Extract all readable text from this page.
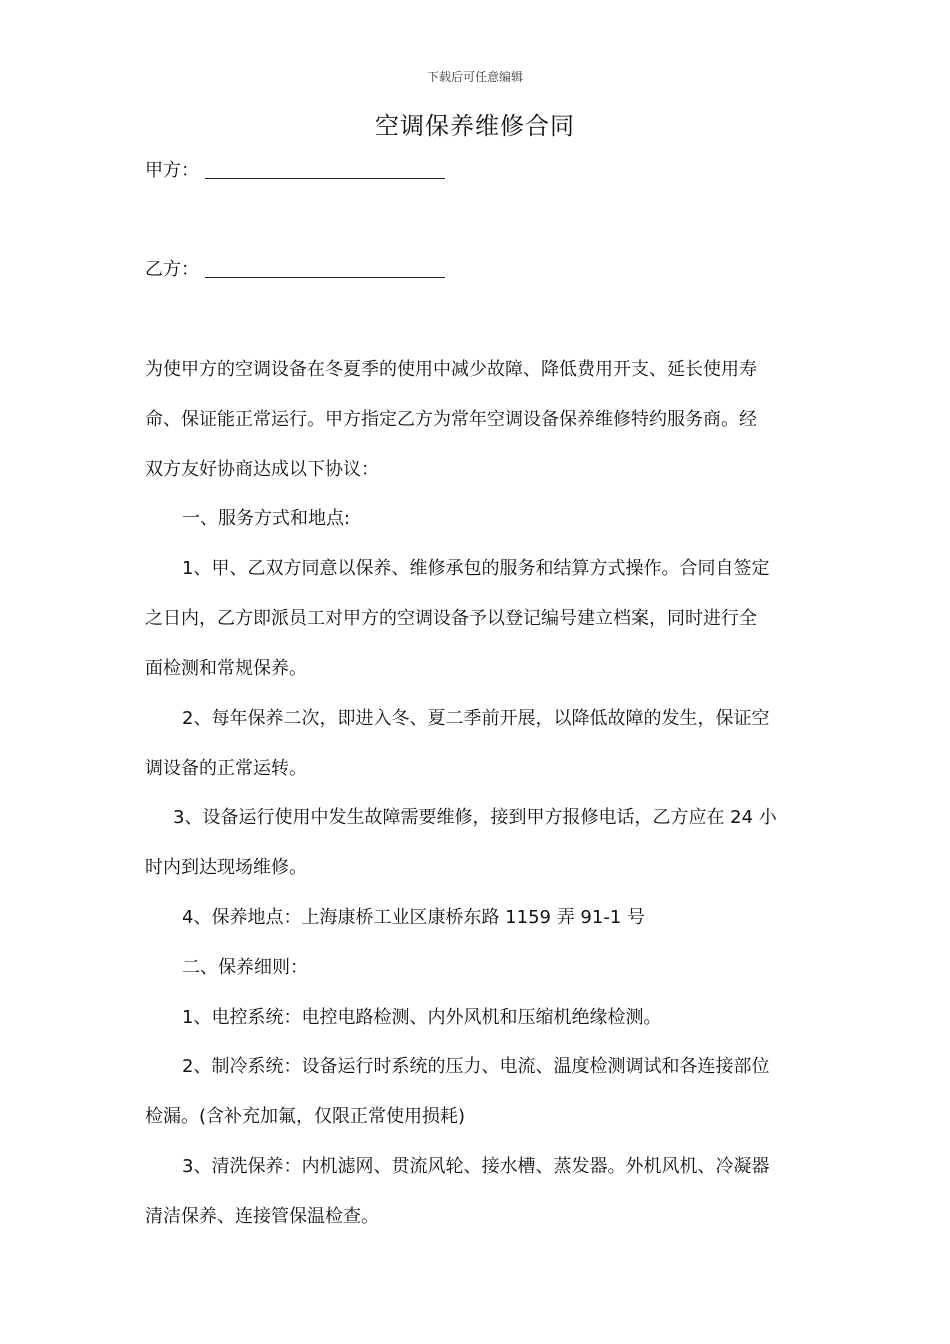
下载后可任意编辑
空调保养维修合同
甲方：
乙方：
为使甲方的空调设备在冬夏季的使用中减少故障、降低费用开支、延长使用寿
命、保证能正常运行。甲方指定乙方为常年空调设备保养维修特约服务商。经
双方友好协商达成以下协议：
一、服务方式和地点:
1、甲、乙双方同意以保养、维修承包的服务和结算方式操作。合同自签定
之日内，乙方即派员工对甲方的空调设备予以登记编号建立档案，同时进行全
面检测和常规保养。
2、每年保养二次，即进入冬、夏二季前开展，以降低故障的发生，保证空
调设备的正常运转。
3、设备运行使用中发生故障需要维修，接到甲方报修电话，乙方应在 24 小
时内到达现场维修。
4、保养地点：上海康桥工业区康桥东路 1159 弄 91-1 号
二、保养细则：
1、电控系统：电控电路检测、内外风机和压缩机绝缘检测。
2、制冷系统：设备运行时系统的压力、电流、温度检测调试和各连接部位
检漏。(含补充加氟，仅限正常使用损耗)
3、清洗保养：内机滤网、贯流风轮、接水槽、蒸发器。外机风机、冷凝器
清洁保养、连接管保温检查。
